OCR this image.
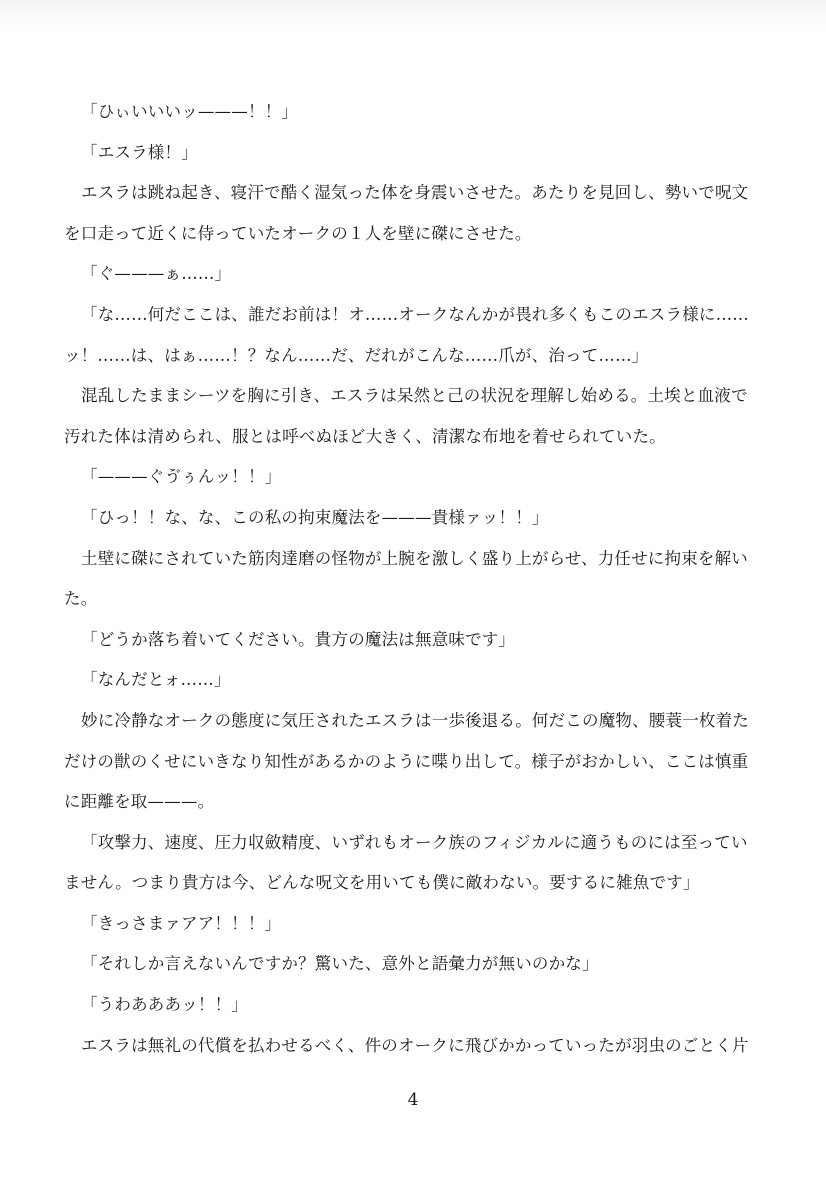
「ひぃいいいッ———！！」
「エスラ様！」
エスラは跳ね起き、寝汗で酷く湿気った体を身震いさせた。あたりを見回し、勢いで呪文
を口走って近くに侍っていたオークの１人を壁に磔にさせた。
「ぐ———ぁ……」
「な……何だここは、誰だお前は！オ……オークなんかが畏れ多くもこのエスラ様に……
ッ！……は、はぁ……！？なん……だ、だれがこんな……爪が、治って……」
混乱したままシーツを胸に引き、エスラは呆然と己の状況を理解し始める。土埃と血液で
汚れた体は清められ、服とは呼べぬほど大きく、清潔な布地を着せられていた。
「———ぐゔぅんッ！！」
「ひっ！！な、な、この私の拘束魔法を———貴様ァッ！！」
土壁に磔にされていた筋肉達磨の怪物が上腕を激しく盛り上がらせ、力任せに拘束を解い
た。
「どうか落ち着いてください。貴方の魔法は無意味です」
「なんだとォ……」
妙に冷静なオークの態度に気圧されたエスラは一歩後退る。何だこの魔物、腰蓑一枚着た
だけの獣のくせにいきなり知性があるかのように喋り出して。様子がおかしい、ここは慎重
に距離を取———。
「攻撃力、速度、圧力収斂精度、いずれもオーク族のフィジカルに適うものには至ってい
ません。つまり貴方は今、どんな呪文を用いても僕に敵わない。要するに雑魚です」
「きっさまァアア！！！」
「それしか言えないんですか？驚いた、意外と語彙力が無いのかな」
「うわあああッ！！」
エスラは無礼の代償を払わせるべく、件のオークに飛びかかっていったが羽虫のごとく片
4
